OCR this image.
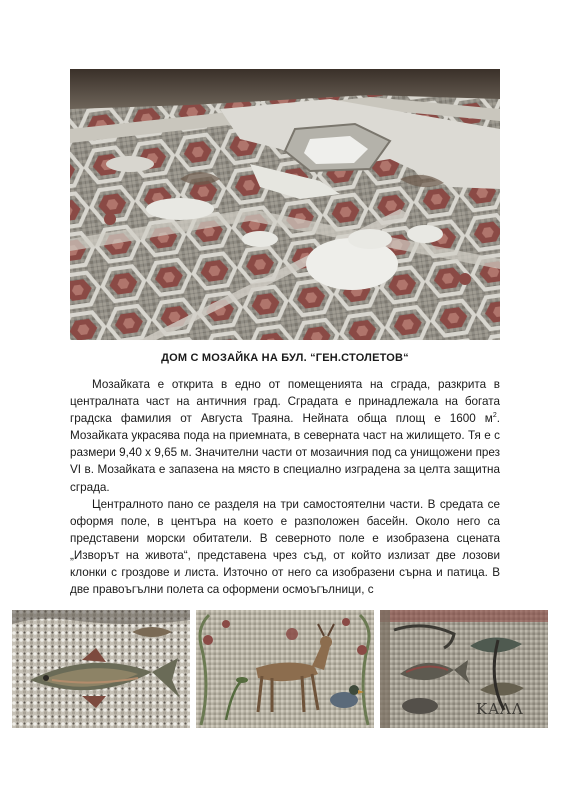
ДОМ С МОЗАЙКА НА БУЛ. “ГЕН.СТОЛЕТОВ“

Мозайката е открита в едно от помещенията на сграда, разкрита в централната част на античния град. Сградата е принадлежала на богата градска фамилия от Августа Траяна. Нейната обща площ е 1600 $м^2$. Мозайката украсява пода на приемната, в северната част на жилището. Тя е с размери 9,40 х 9,65 м. Значителни части от мозаичния под са унищожени през VI в. Мозайката е запазена на място в специално изградена за целта защитна сграда.

Централното пано се разделя на три самостоятелни части. В средата се оформя поле, в центъра на което е разположен басейн. Около него са представени морски обитатели. В северното поле е изобразена сцената „Изворът на живота“, представена чрез съд, от който излизат две лозови клонки с гроздове и листа. Източно от него са изобразени сърна и патица. В две правоъгълни полета са оформени осмоъгълници, с

ΚΑΛΛ
